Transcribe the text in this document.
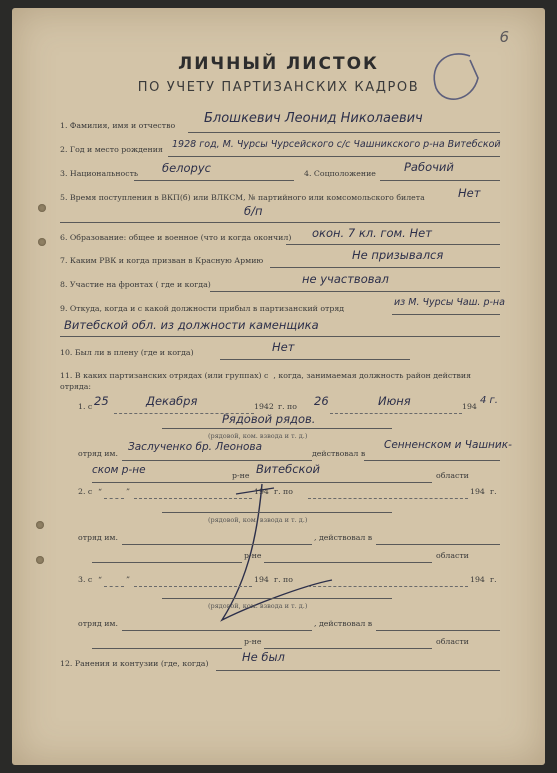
6
ЛИЧНЫЙ ЛИСТОК
ПО УЧЕТУ ПАРТИЗАНСКИХ КАДРОВ
1. Фамилия, имя и отчество Блошкевич Леонид Николаевич
2. Год и место рождения 1928 год, М. Чурсы Чурсейского с/с Чашникского р-на Витебской
3. Национальность белорус	4. Соцположение Рабочий
5. Время поступления в ВКП(б) или ВЛКСМ, № партийного или комсомольского билета	Нет
б/п
6. Образование: общее и военное (что и когда окончил) окон. 7 кл. гом. Нет
7. Каким РВК и когда призван в Красную Армию	Не призывался
8. Участие на фронтах ( где и когда)	не участвовал
9. Откуда, когда и с какой должности прибыл в партизанский отряд
из М. Чурсы Чаш. р-на
Витебской обл. из должности каменщика
10. Был ли в плену (где и когда)	Нет
11. В каких партизанских отрядах (или группах) с  , когда, занимаемая должность район действия
отряда:
1. с 25	Декабря	1942 г. по 26	Июня	194
4 г.
Рядовой рядов.
(рядовой, ком. взвода и т. д.)
отряд им.
Заслученко бр. Леонова
действовал в
Сенненском и Чашник-
ском р-не	р-не Витебской	области
2. с “	”	194 г. по	194 г.
(рядовой, ком. взвода и т. д.)
отряд им.	, действовал в
р-не	области
3. с “	”	194 г. по	194 г.
(рядовой, ком. взвода и т. д.)
отряд им.	, действовал в
р-не	области
12. Ранения и контузии (где, когда)	Не был
